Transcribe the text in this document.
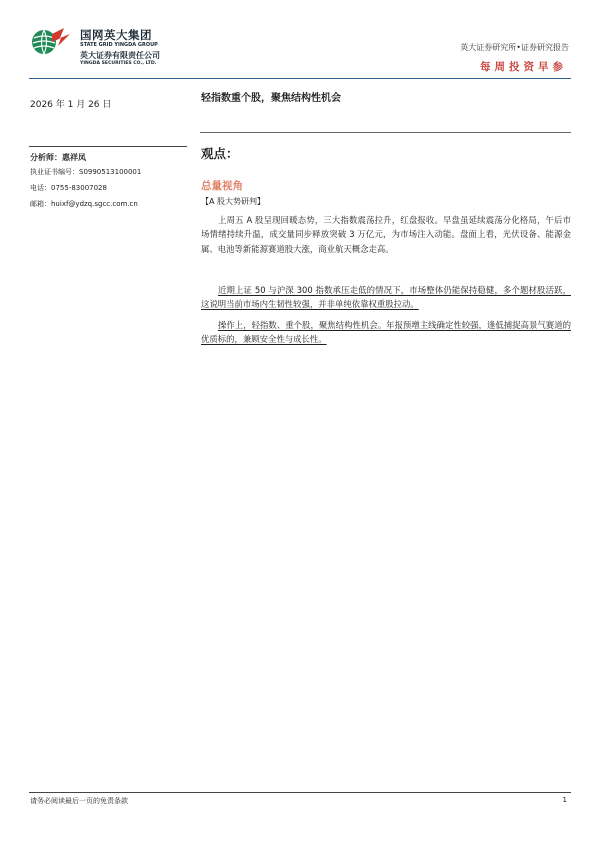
国网英大集团
STATE GRID YINGDA GROUP
英大证券有限责任公司
YINGDA SECURITIES CO., LTD.
英大证券研究所•证券研究报告
每周投资早参
2026 年 1 月 26 日
轻指数重个股，聚焦结构性机会
分析师：惠祥凤
执业证书编号：S0990513100001
电话：0755-83007028
邮箱：huixf@ydzq.sgcc.com.cn
观点：
总量视角
【A 股大势研判】

上周五 A 股呈现回暖态势，三大指数震荡拉升，红盘报收。早盘虽延续震荡分化格局，午后市场情绪持续升温，成交量同步释放突破 3 万亿元，为市场注入动能。盘面上看，光伏设备、能源金属、电池等新能源赛道股大涨，商业航天概念走高。

近期上证 50 与沪深 300 指数承压走低的情况下，市场整体仍能保持稳健，多个题材股活跃，这说明当前市场内生韧性较强，并非单纯依靠权重股拉动。

操作上，轻指数、重个股，聚焦结构性机会。年报预增主线确定性较强，逢低捕捉高景气赛道的优质标的，兼顾安全性与成长性。

请务必阅读最后一页的免责条款	1
